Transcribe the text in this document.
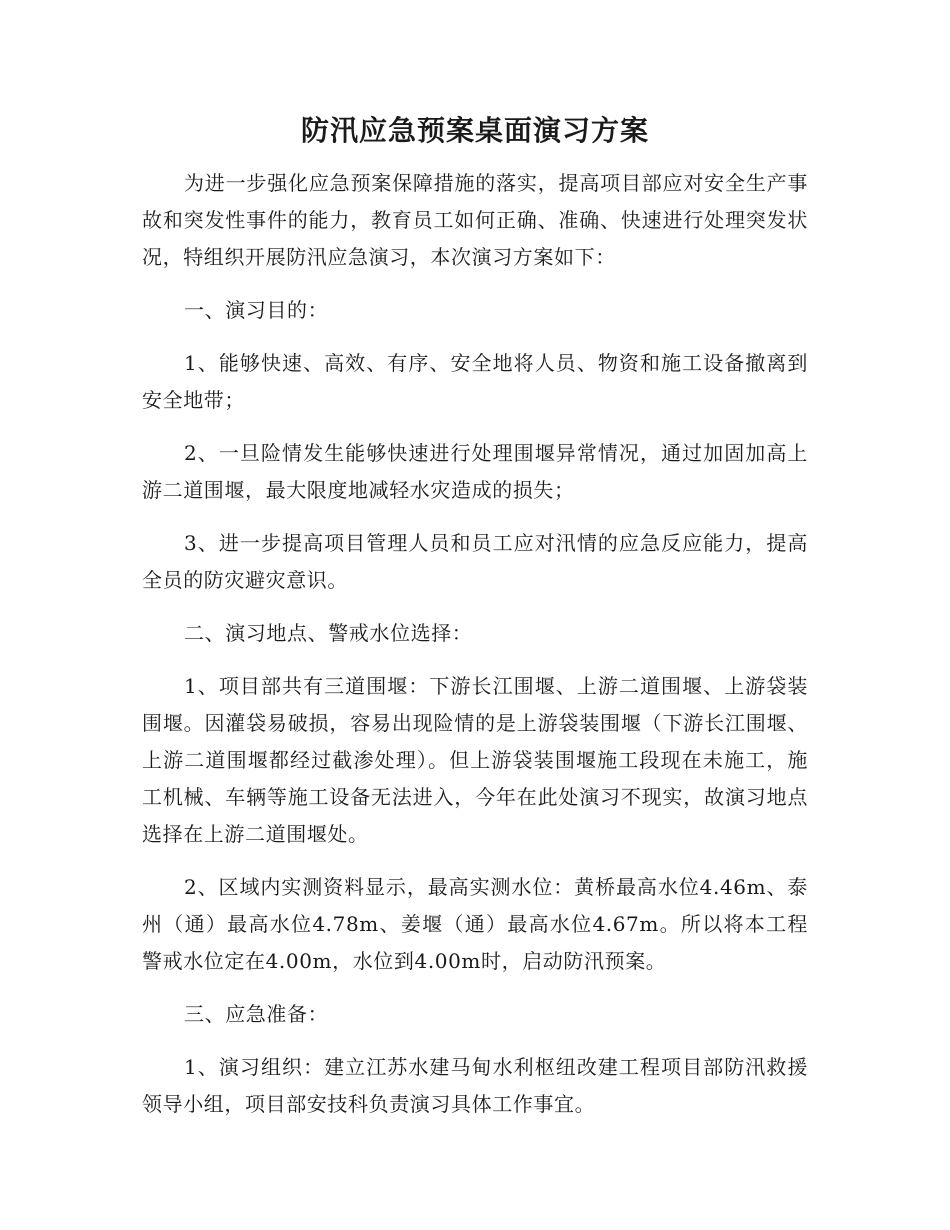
防汛应急预案桌面演习方案

为进一步强化应急预案保障措施的落实，提高项目部应对安全生产事故和突发性事件的能力，教育员工如何正确、准确、快速进行处理突发状况，特组织开展防汛应急演习，本次演习方案如下：

一、演习目的：

1、能够快速、高效、有序、安全地将人员、物资和施工设备撤离到安全地带；

2、一旦险情发生能够快速进行处理围堰异常情况，通过加固加高上游二道围堰，最大限度地减轻水灾造成的损失；

3、进一步提高项目管理人员和员工应对汛情的应急反应能力，提高全员的防灾避灾意识。

二、演习地点、警戒水位选择：

1、项目部共有三道围堰：下游长江围堰、上游二道围堰、上游袋装围堰。因灌袋易破损，容易出现险情的是上游袋装围堰（下游长江围堰、上游二道围堰都经过截渗处理）。但上游袋装围堰施工段现在未施工，施工机械、车辆等施工设备无法进入，今年在此处演习不现实，故演习地点选择在上游二道围堰处。

2、区域内实测资料显示，最高实测水位：黄桥最高水位4.46m、泰州（通）最高水位4.78m、姜堰（通）最高水位4.67m。所以将本工程警戒水位定在4.00m，水位到4.00m时，启动防汛预案。

三、应急准备：

1、演习组织：建立江苏水建马甸水利枢纽改建工程项目部防汛救援领导小组，项目部安技科负责演习具体工作事宜。
